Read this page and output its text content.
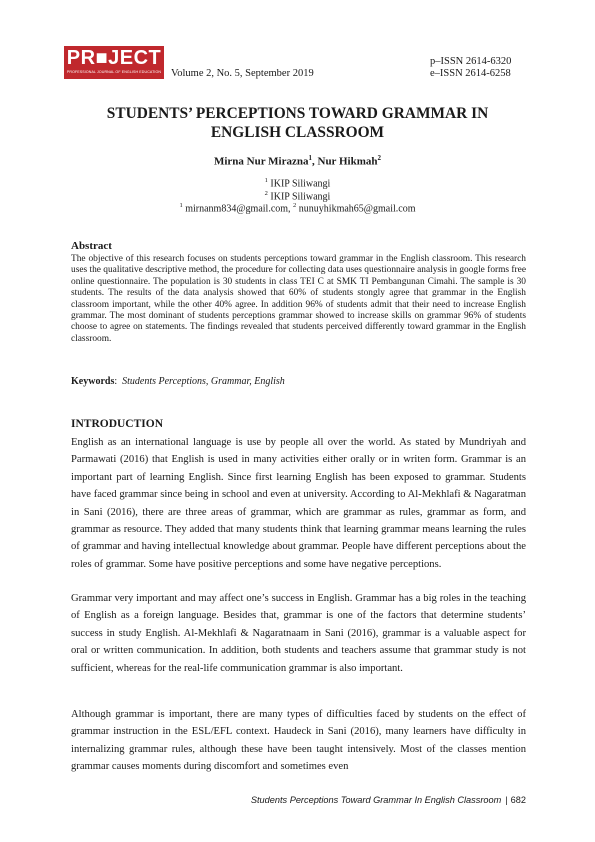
PR■JECT
PROFESSIONAL JOURNAL OF ENGLISH EDUCATION Volume 2, No. 5, September 2019
p–ISSN 2614-6320
e–ISSN 2614-6258
STUDENTS’ PERCEPTIONS TOWARD GRAMMAR IN
ENGLISH CLASSROOM
Mirna Nur Mirazna$^1$, Nur Hikmah$^2$
$^1$ IKIP Siliwangi
$^2$ IKIP Siliwangi
$^1$ mirnanm834@gmail.com, $^2$ nunuyhikmah65@gmail.com
Abstract
The objective of this research focuses on students perceptions toward grammar in the English classroom. This research uses the qualitative descriptive method, the procedure for collecting data uses questionnaire analysis in google forms free online questionnaire. The population is 30 students in class TEI C at SMK TI Pembangunan Cimahi. The sample is 30 students. The results of the data analysis showed that 60% of students stongly agree that grammar in the English classroom important, while the other 40% agree. In addition 96% of students admit that their need to increase English grammar. The most dominant of students perceptions grammar showed to increase skills on grammar 96% of students choose to agree on statements. The findings revealed that students perceived differently toward grammar in the English classroom.
Keywords:  Students Perceptions, Grammar, English
INTRODUCTION
English as an international language is use by people all over the world. As stated by Mundriyah and Parmawati (2016) that English is used in many activities either orally or in writen form. Grammar is an important part of learning English. Since first learning English has been exposed to grammar. Students have faced grammar since being in school and even at university. According to Al-Mekhlafi & Nagaratman in Sani (2016), there are three areas of grammar, which are grammar as rules, grammar as form, and grammar as resource. They added that many students think that learning grammar means learning the rules of grammar and having intellectual knowledge about grammar. People have different perceptions about the roles of grammar. Some have positive perceptions and some have negative perceptions.
Grammar very important and may affect one’s success in English. Grammar has a big roles in the teaching of English as a foreign language. Besides that, grammar is one of the factors that determine students’ success in study English. Al-Mekhlafi & Nagaratnaam in Sani (2016), grammar is a valuable aspect for oral or written communication. In addition, both students and teachers assume that grammar study is not sufficient, whereas for the real-life communication grammar is also important.
Although grammar is important, there are many types of difficulties faced by students on the effect of grammar instruction in the ESL/EFL context. Haudeck in Sani (2016), many learners have difficulty in internalizing grammar rules, although these have been taught intensively. Most of the classes mention grammar causes moments during discomfort and sometimes even
Students Perceptions Toward Grammar In English Classroom | 682
